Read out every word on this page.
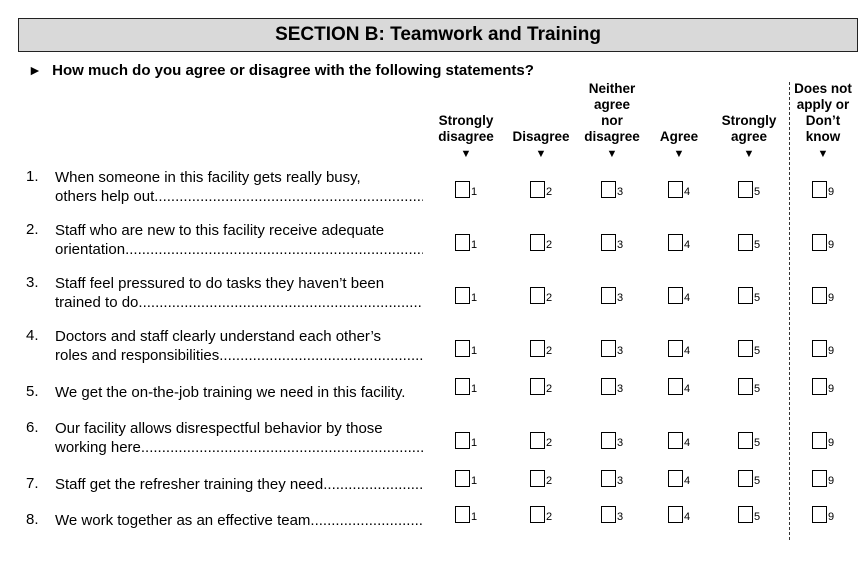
SECTION B: Teamwork and Training
► How much do you agree or disagree with the following statements?
Strongly
disagree
▼
Disagree
▼
Neither
agree
nor
disagree
▼
Agree
▼
Strongly
agree
▼
Does not
apply or
Don’t
know
▼
1. When someone in this facility gets really busy,
others help out .....	1	2	3	4	5	9
2. Staff who are new to this facility receive adequate
orientation .....	1	2	3	4	5	9
3. Staff feel pressured to do tasks they haven’t been
trained to do .....	1	2	3	4	5	9
4. Doctors and staff clearly understand each other’s
roles and responsibilities .....	1	2	3	4	5	9
5. We get the on-the-job training we need in this facility.	1	2	3	4	5	9
6. Our facility allows disrespectful behavior by those
working here .....	1	2	3	4	5	9
7. Staff get the refresher training they need .....	1	2	3	4	5	9
8. We work together as an effective team .....	1	2	3	4	5	9
